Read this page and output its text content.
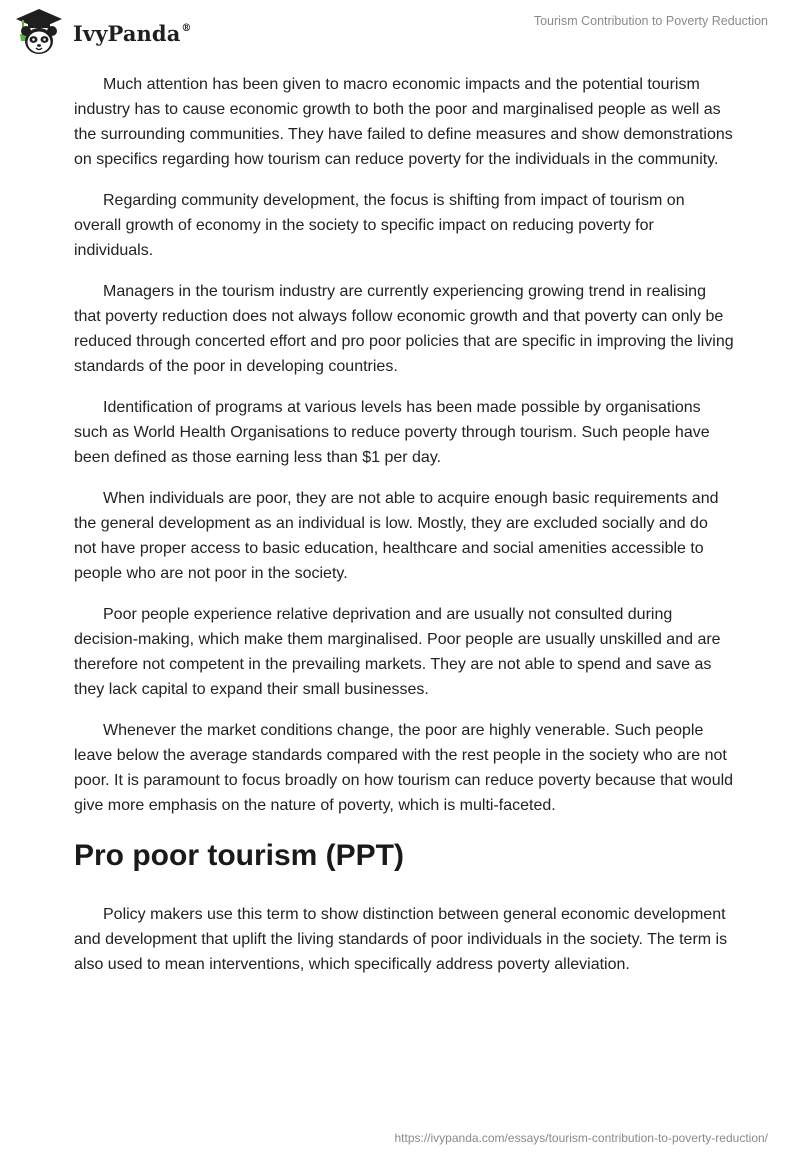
IvyPanda®	Tourism Contribution to Poverty Reduction

Much attention has been given to macro economic impacts and the potential tourism industry has to cause economic growth to both the poor and marginalised people as well as the surrounding communities. They have failed to define measures and show demonstrations on specifics regarding how tourism can reduce poverty for the individuals in the community.

Regarding community development, the focus is shifting from impact of tourism on overall growth of economy in the society to specific impact on reducing poverty for individuals.

Managers in the tourism industry are currently experiencing growing trend in realising that poverty reduction does not always follow economic growth and that poverty can only be reduced through concerted effort and pro poor policies that are specific in improving the living standards of the poor in developing countries.

Identification of programs at various levels has been made possible by organisations such as World Health Organisations to reduce poverty through tourism. Such people have been defined as those earning less than $1 per day.

When individuals are poor, they are not able to acquire enough basic requirements and the general development as an individual is low. Mostly, they are excluded socially and do not have proper access to basic education, healthcare and social amenities accessible to people who are not poor in the society.

Poor people experience relative deprivation and are usually not consulted during decision-making, which make them marginalised. Poor people are usually unskilled and are therefore not competent in the prevailing markets. They are not able to spend and save as they lack capital to expand their small businesses.

Whenever the market conditions change, the poor are highly venerable. Such people leave below the average standards compared with the rest people in the society who are not poor. It is paramount to focus broadly on how tourism can reduce poverty because that would give more emphasis on the nature of poverty, which is multi-faceted.

Pro poor tourism (PPT)

Policy makers use this term to show distinction between general economic development and development that uplift the living standards of poor individuals in the society. The term is also used to mean interventions, which specifically address poverty alleviation.

https://ivypanda.com/essays/tourism-contribution-to-poverty-reduction/
